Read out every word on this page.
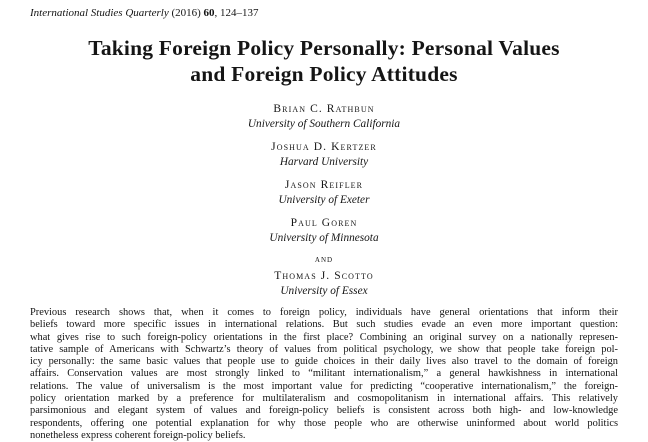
International Studies Quarterly (2016) 60, 124–137
Taking Foreign Policy Personally: Personal Values
and Foreign Policy Attitudes
Brian C. Rathbun
University of Southern California
Joshua D. Kertzer
Harvard University
Jason Reifler
University of Exeter
Paul Goren
University of Minnesota
and
Thomas J. Scotto
University of Essex
Previous research shows that, when it comes to foreign policy, individuals have general orientations that inform their
beliefs toward more specific issues in international relations. But such studies evade an even more important question:
what gives rise to such foreign-policy orientations in the first place? Combining an original survey on a nationally represen-
tative sample of Americans with Schwartz’s theory of values from political psychology, we show that people take foreign pol-
icy personally: the same basic values that people use to guide choices in their daily lives also travel to the domain of foreign
affairs. Conservation values are most strongly linked to “militant internationalism,” a general hawkishness in international
relations. The value of universalism is the most important value for predicting “cooperative internationalism,” the foreign-
policy orientation marked by a preference for multilateralism and cosmopolitanism in international affairs. This relatively
parsimonious and elegant system of values and foreign-policy beliefs is consistent across both high- and low-knowledge
respondents, offering one potential explanation for why those people who are otherwise uninformed about world politics
nonetheless express coherent foreign-policy beliefs.
